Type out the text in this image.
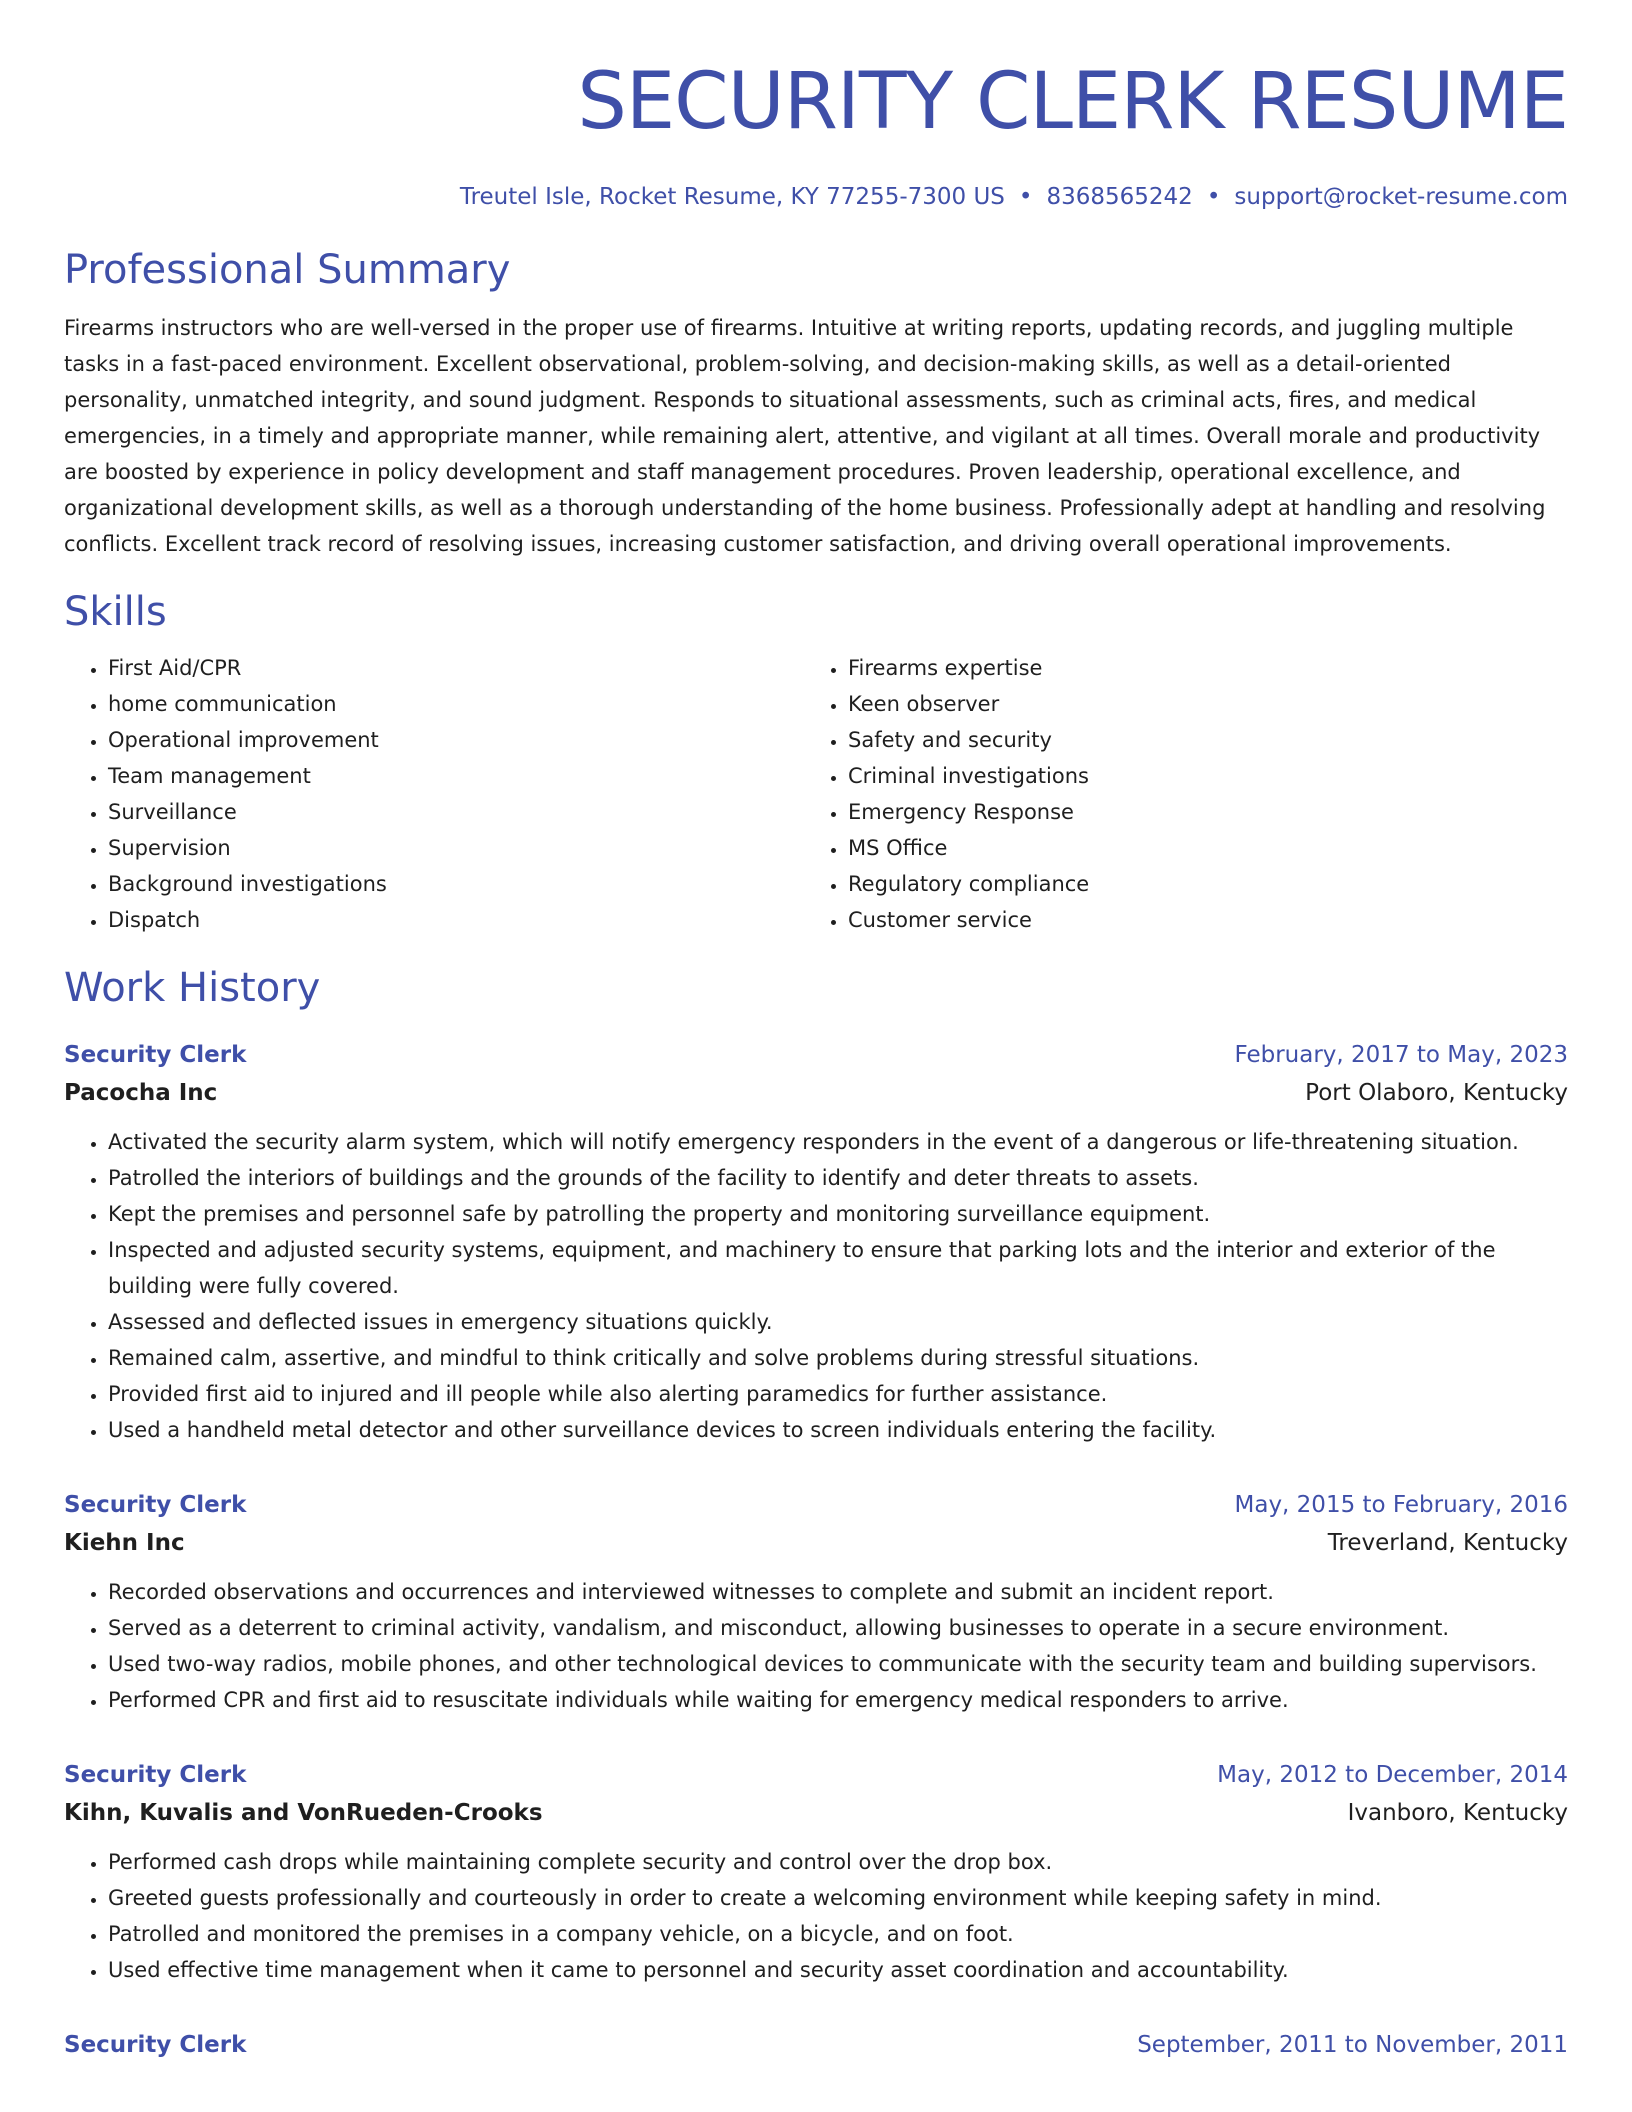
SECURITY CLERK RESUME
Treutel Isle, Rocket Resume, KY 77255-7300 US • 8368565242 • support@rocket-resume.com
Professional Summary
Firearms instructors who are well-versed in the proper use of firearms. Intuitive at writing reports, updating records, and juggling multiple tasks in a fast-paced environment. Excellent observational, problem-solving, and decision-making skills, as well as a detail-oriented personality, unmatched integrity, and sound judgment. Responds to situational assessments, such as criminal acts, fires, and medical emergencies, in a timely and appropriate manner, while remaining alert, attentive, and vigilant at all times. Overall morale and productivity are boosted by experience in policy development and staff management procedures. Proven leadership, operational excellence, and organizational development skills, as well as a thorough understanding of the home business. Professionally adept at handling and resolving conflicts. Excellent track record of resolving issues, increasing customer satisfaction, and driving overall operational improvements.
Skills
• First Aid/CPR
• home communication
• Operational improvement
• Team management
• Surveillance
• Supervision
• Background investigations
• Dispatch
• Firearms expertise
• Keen observer
• Safety and security
• Criminal investigations
• Emergency Response
• MS Office
• Regulatory compliance
• Customer service
Work History
Security Clerk	February, 2017 to May, 2023
Pacocha Inc	Port Olaboro, Kentucky
• Activated the security alarm system, which will notify emergency responders in the event of a dangerous or life-threatening situation.
• Patrolled the interiors of buildings and the grounds of the facility to identify and deter threats to assets.
• Kept the premises and personnel safe by patrolling the property and monitoring surveillance equipment.
• Inspected and adjusted security systems, equipment, and machinery to ensure that parking lots and the interior and exterior of the building were fully covered.
• Assessed and deflected issues in emergency situations quickly.
• Remained calm, assertive, and mindful to think critically and solve problems during stressful situations.
• Provided first aid to injured and ill people while also alerting paramedics for further assistance.
• Used a handheld metal detector and other surveillance devices to screen individuals entering the facility.
Security Clerk	May, 2015 to February, 2016
Kiehn Inc	Treverland, Kentucky
• Recorded observations and occurrences and interviewed witnesses to complete and submit an incident report.
• Served as a deterrent to criminal activity, vandalism, and misconduct, allowing businesses to operate in a secure environment.
• Used two-way radios, mobile phones, and other technological devices to communicate with the security team and building supervisors.
• Performed CPR and first aid to resuscitate individuals while waiting for emergency medical responders to arrive.
Security Clerk	May, 2012 to December, 2014
Kihn, Kuvalis and VonRueden-Crooks	Ivanboro, Kentucky
• Performed cash drops while maintaining complete security and control over the drop box.
• Greeted guests professionally and courteously in order to create a welcoming environment while keeping safety in mind.
• Patrolled and monitored the premises in a company vehicle, on a bicycle, and on foot.
• Used effective time management when it came to personnel and security asset coordination and accountability.
Security Clerk	September, 2011 to November, 2011
